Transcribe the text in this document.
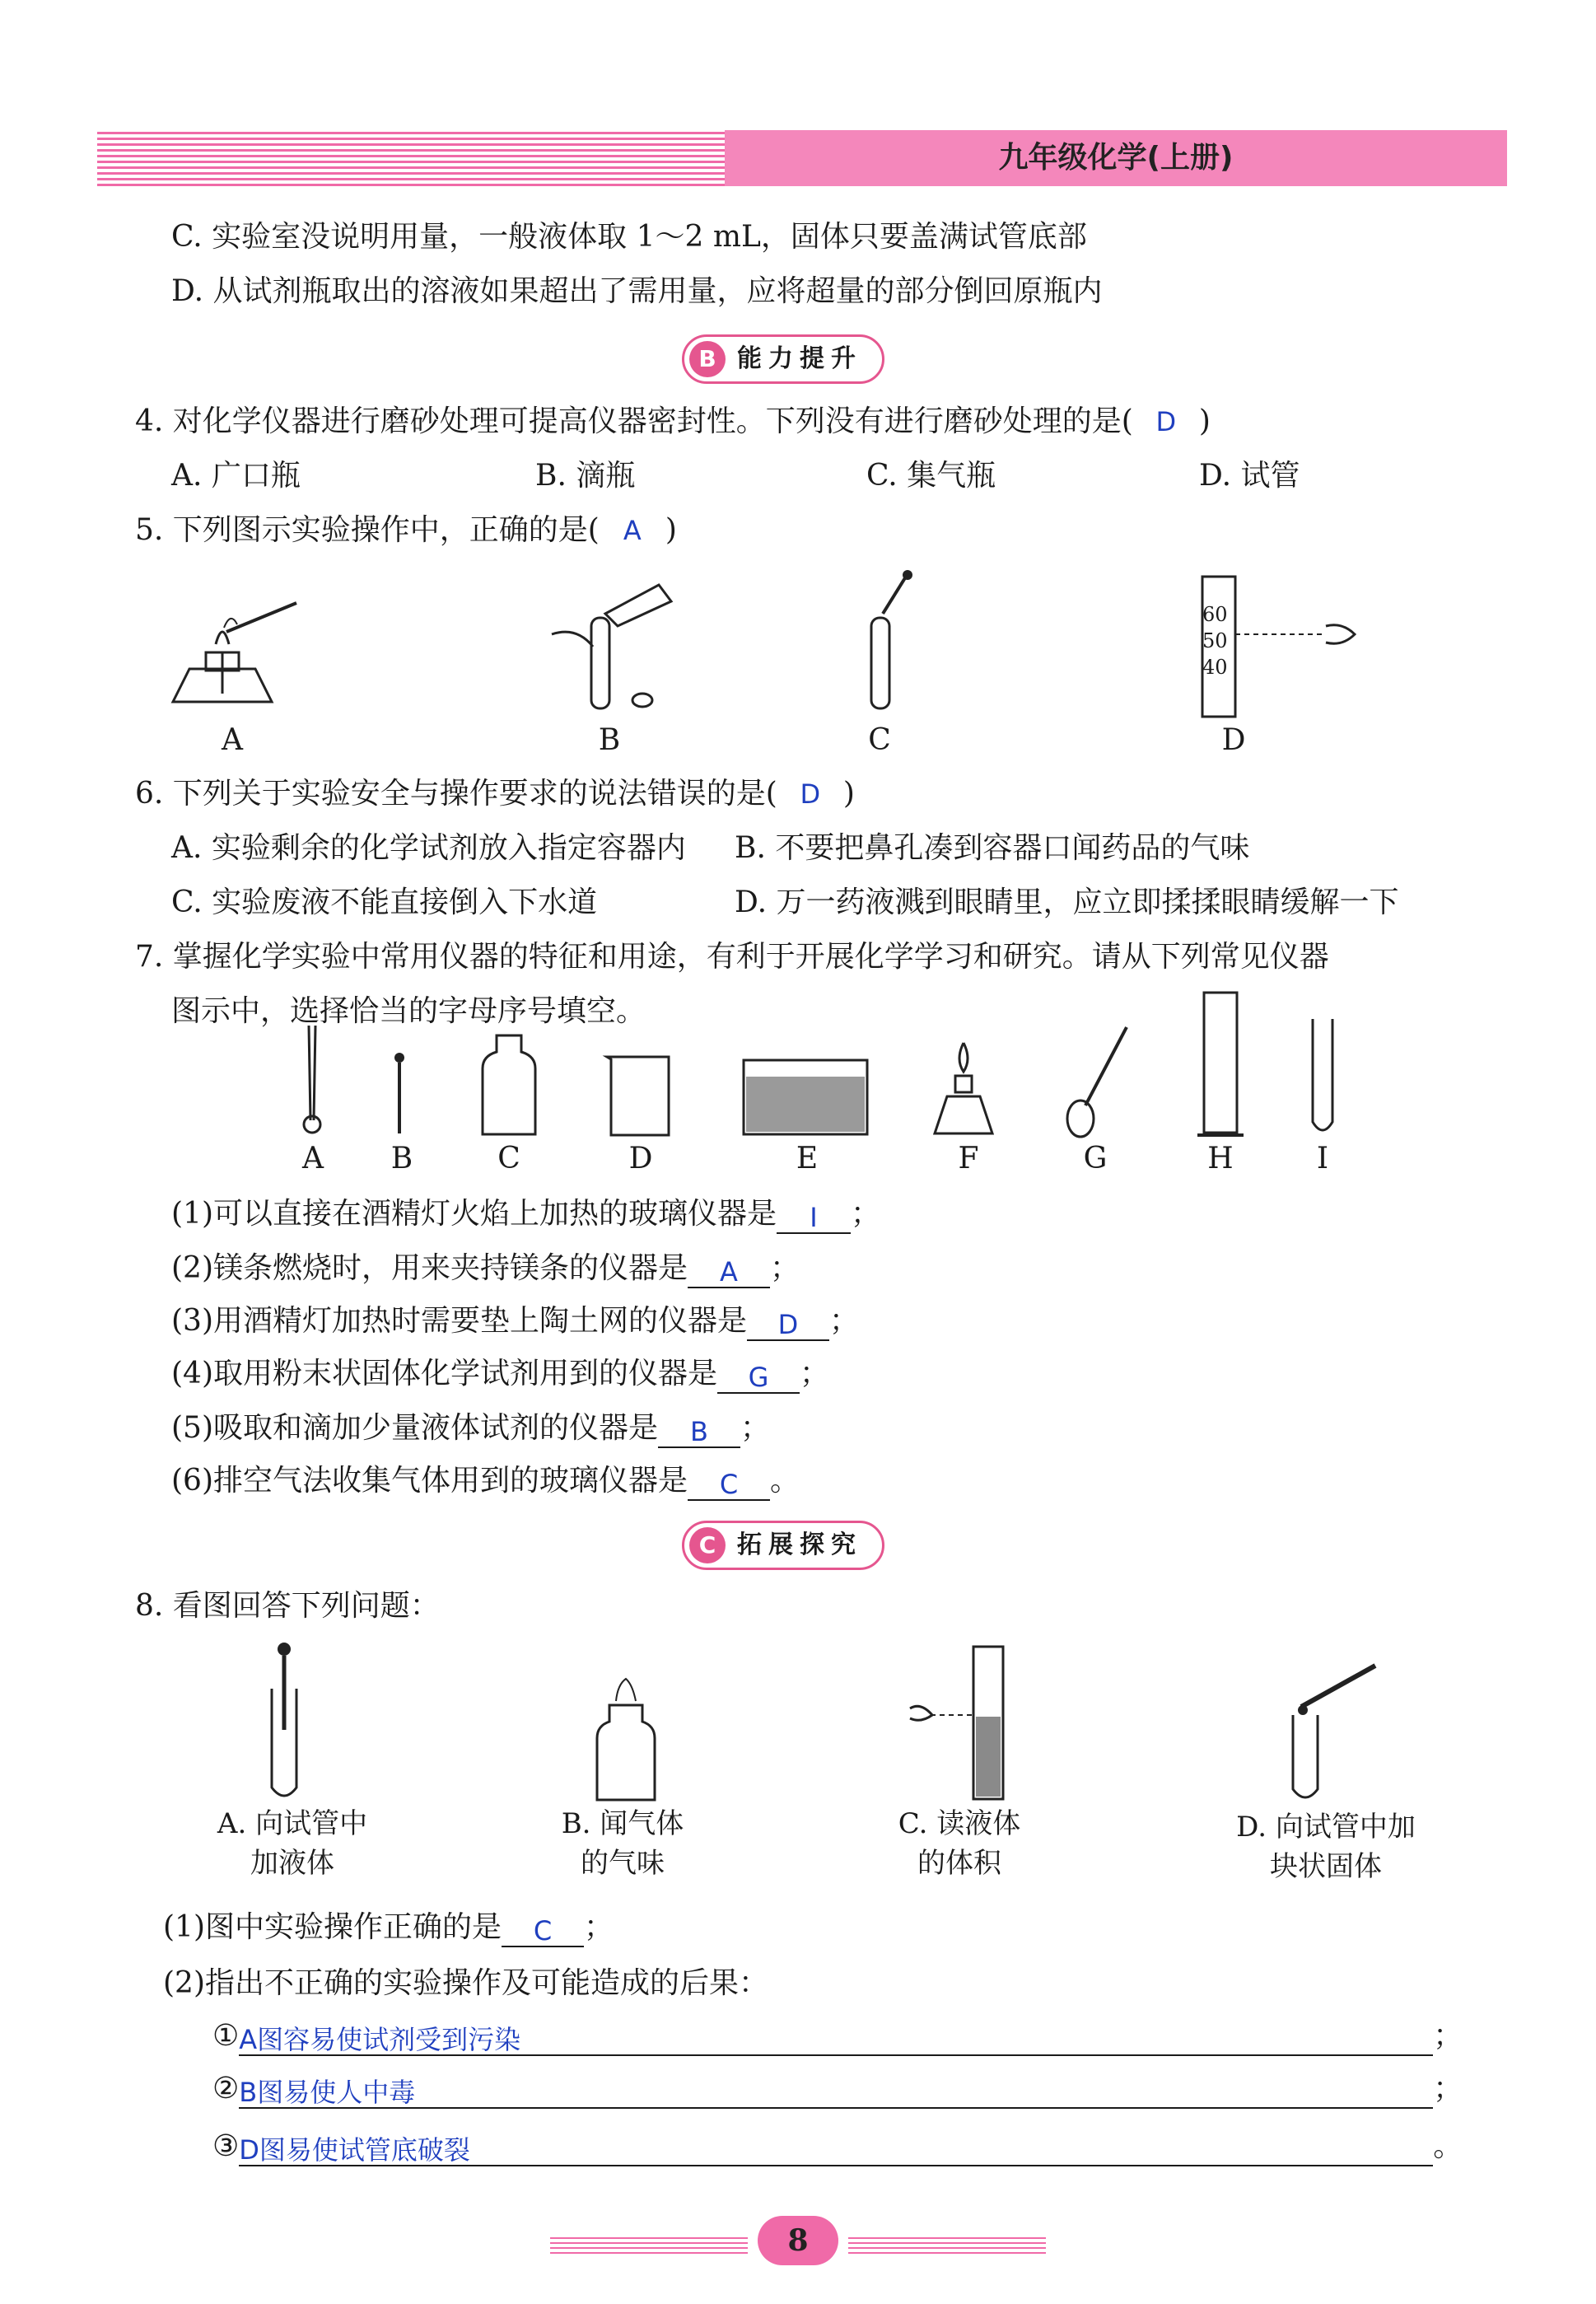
九年级化学(上册)
C. 实验室没说明用量，一般液体取 1～2 mL，固体只要盖满试管底部
D. 从试剂瓶取出的溶液如果超出了需用量，应将超量的部分倒回原瓶内
B 能力提升
4. 对化学仪器进行磨砂处理可提高仪器密封性。下列没有进行磨砂处理的是( D )
A. 广口瓶	B. 滴瓶	C. 集气瓶	D. 试管
5. 下列图示实验操作中，正确的是( A )
60
50
40
A	B	C	D
6. 下列关于实验安全与操作要求的说法错误的是( D )
A. 实验剩余的化学试剂放入指定容器内 B. 不要把鼻孔凑到容器口闻药品的气味
C. 实验废液不能直接倒入下水道	D. 万一药液溅到眼睛里，应立即揉揉眼睛缓解一下
7. 掌握化学实验中常用仪器的特征和用途，有利于开展化学学习和研究。请从下列常见仪器
图示中，选择恰当的字母序号填空。
A	B	C	D	E	F	G	H	I
(1)可以直接在酒精灯火焰上加热的玻璃仪器是 I ；
(2)镁条燃烧时，用来夹持镁条的仪器是 A ；
(3)用酒精灯加热时需要垫上陶土网的仪器是 D ；
(4)取用粉末状固体化学试剂用到的仪器是 G ；
(5)吸取和滴加少量液体试剂的仪器是 B ；
(6)排空气法收集气体用到的玻璃仪器是 C 。
C 拓展探究
8. 看图回答下列问题：
A. 向试管中
加液体
B. 闻气体
的气味
C. 读液体
的体积
D. 向试管中加
块状固体
(1)图中实验操作正确的是 C ；
(2)指出不正确的实验操作及可能造成的后果：
①A图容易使试剂受到污染	；
②B图易使人中毒	；
③D图易使试管底破裂	。
8
